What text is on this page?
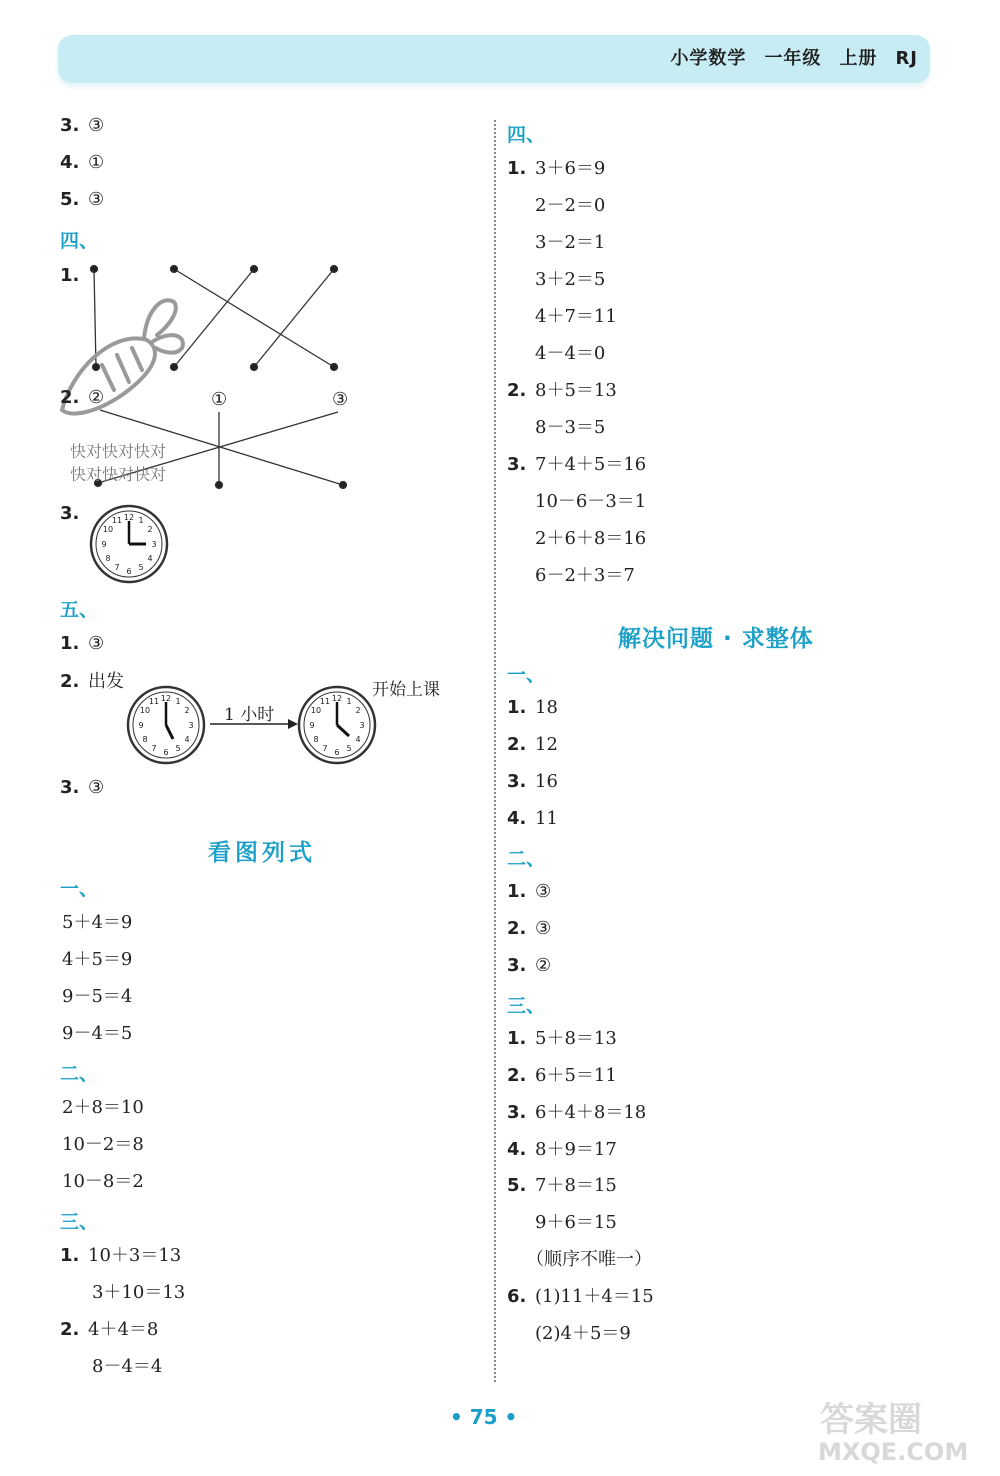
小学数学 一年级 上册 RJ
3. ③
4. ①
5. ③
四、
1.
2. ②	①	③
快对快对快对
快对快对快对
3.	12 1
2
3
4
5
6
7
8
9
10
11
五、
1. ③
2. 出发	开始上课
1 小时
12 1
2
3
4
5
6
7
8
9
10
11	12 1
2
3
4
5
6
7
8
9
10
11
3. ③
看图列式
一、
5＋4＝9
4＋5＝9
9－5＝4
9－4＝5
二、
2＋8＝10
10－2＝8
10－8＝2
三、
1. 10＋3＝13
3＋10＝13
2. 4＋4＝8
8－4＝4
四、
1. 3＋6＝9
2－2＝0
3－2＝1
3＋2＝5
4＋7＝11
4－4＝0
2. 8＋5＝13
8－3＝5
3. 7＋4＋5＝16
10－6－3＝1
2＋6＋8＝16
6－2＋3＝7
解决问题 · 求整体
一、
1. 18
2. 12
3. 16
4. 11
二、
1. ③
2. ③
3. ②
三、
1. 5＋8＝13
2. 6＋5＝11
3. 6＋4＋8＝18
4. 8＋9＝17
5. 7＋8＝15
9＋6＝15
（顺序不唯一）
6. (1)11＋4＝15
(2)4＋5＝9
• 75 •	答案圈
MXQE.COM
